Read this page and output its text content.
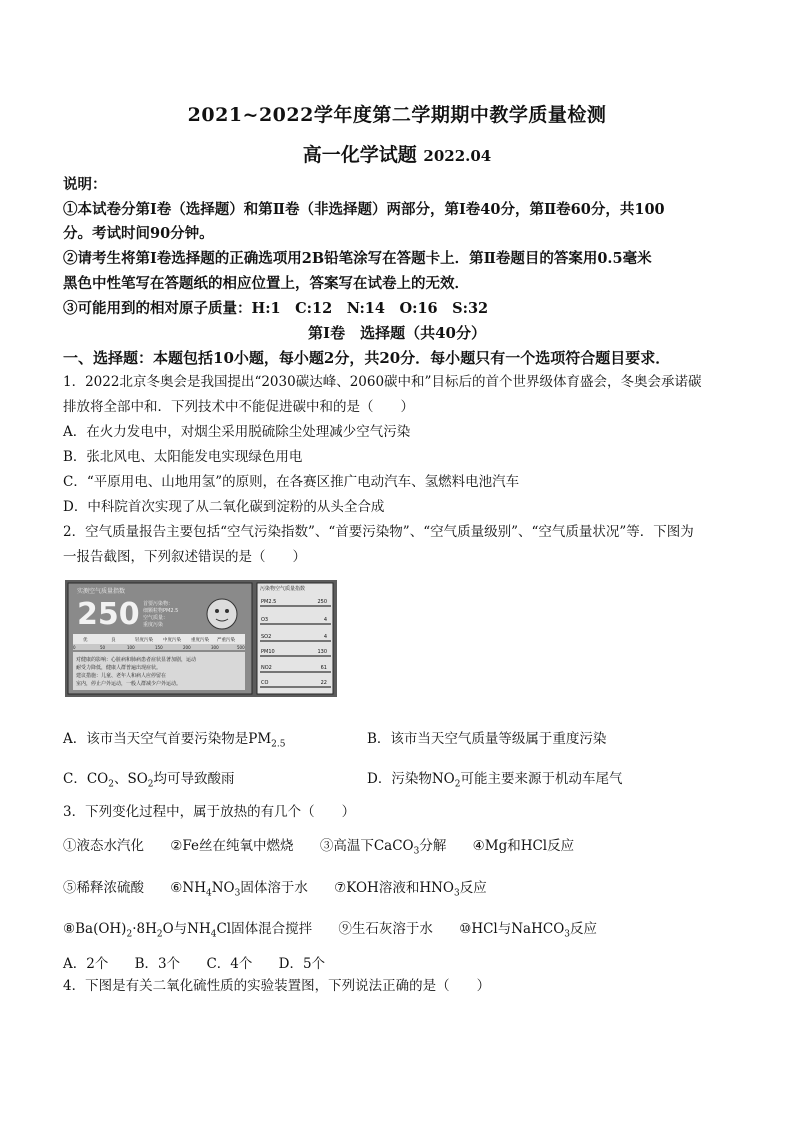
2021~2022学年度第二学期期中教学质量检测
高一化学试题 2022.04
说明：
①本试卷分第Ⅰ卷（选择题）和第Ⅱ卷（非选择题）两部分，第Ⅰ卷40分，第Ⅱ卷60分，共100
分。考试时间90分钟。
②请考生将第Ⅰ卷选择题的正确选项用2B铅笔涂写在答题卡上．第Ⅱ卷题目的答案用0.5毫米
黑色中性笔写在答题纸的相应位置上，答案写在试卷上的无效．
③可能用到的相对原子质量：H:1　C:12　N:14　O:16　S:32
第Ⅰ卷　选择题（共40分）
一、选择题：本题包括10小题，每小题2分，共20分．每小题只有一个选项符合题目要求．
1．2022北京冬奥会是我国提出“2030碳达峰、2060碳中和”目标后的首个世界级体育盛会，冬奥会承诺碳
排放将全部中和．下列技术中不能促进碳中和的是（　　）
A．在火力发电中，对烟尘采用脱硫除尘处理减少空气污染
B．张北风电、太阳能发电实现绿色用电
C．“平原用电、山地用氢”的原则，在各赛区推广电动汽车、氢燃料电池汽车
D．中科院首次实现了从二氧化碳到淀粉的从头全合成
2．空气质量报告主要包括“空气污染指数”、“首要污染物”、“空气质量级别”、“空气质量状况”等．下图为
一报告截图，下列叙述错误的是（　　）
实测空气质量指数
250 首要污染物：
细颗粒物PM2.5
空气质量：
重度污染
优	良	轻度污染 中度污染 重度污染 严重污染
0	50	100	150	200	300	500
对健康的影响：心脏病和肺病患者症状显著加剧，运动
耐受力降低，健康人群普遍出现症状。
建议措施：儿童、老年人和病人应停留在
室内，停止户外运动，一般人群减少户外运动。
污染物空气质量指数
PM2.5	250
O3	4
SO2	4
PM10	130
NO2	61
CO	22
A．该市当天空气首要污染物是$PM_{2.5}$	B．该市当天空气质量等级属于重度污染
C．$CO_2$、$SO_2$均可导致酸雨	D．污染物$NO_2$可能主要来源于机动车尾气
3．下列变化过程中，属于放热的有几个（　　）
①液态水汽化 ②Fe丝在纯氧中燃烧 ③高温下CaCO$_3$分解 ④Mg和HCl反应
⑤稀释浓硫酸 $⑥NH_4NO_3$固体溶于水 ⑦KOH溶液和$HNO_3$反应
$⑧Ba(OH)_2\cdot 8H_2O$与$NH_4Cl$固体混合搅拌 ⑨生石灰溶于水 ⑩HCl与NaHCO$_3$反应
A．2个 B．3个 C．4个 D．5个
4．下图是有关二氧化硫性质的实验装置图，下列说法正确的是（　　）
